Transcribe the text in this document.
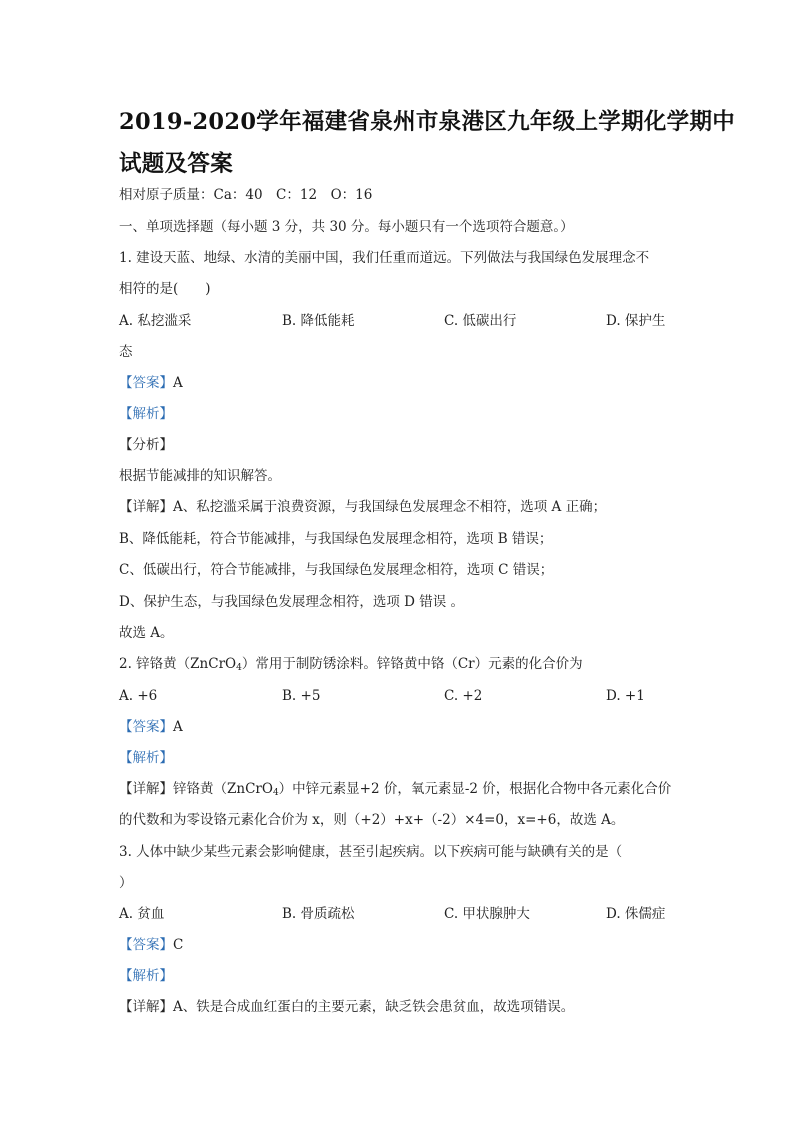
2019-2020学年福建省泉州市泉港区九年级上学期化学期中
试题及答案
相对原子质量：Ca：40　C：12　O：16
一、单项选择题（每小题 3 分，共 30 分。每小题只有一个选项符合题意。）
1. 建设天蓝、地绿、水清的美丽中国，我们任重而道远。下列做法与我国绿色发展理念不
相符的是(　　)
A. 私挖滥采	B. 降低能耗	C. 低碳出行	D. 保护生
态
【答案】A
【解析】
【分析】
根据节能减排的知识解答。
【详解】A、私挖滥采属于浪费资源，与我国绿色发展理念不相符，选项 A 正确；
B、降低能耗，符合节能减排，与我国绿色发展理念相符，选项 B 错误；
C、低碳出行，符合节能减排，与我国绿色发展理念相符，选项 C 错误；
D、保护生态，与我国绿色发展理念相符，选项 D 错误 。
故选 A。
2. 锌铬黄（ZnCrO$_4$）常用于制防锈涂料。锌铬黄中铬（Cr）元素的化合价为
A. +6	B. +5	C. +2	D. +1
【答案】A
【解析】
【详解】锌铬黄（ZnCrO$_4$）中锌元素显+2 价，氧元素显-2 价，根据化合物中各元素化合价
的代数和为零设铬元素化合价为 x，则（+2）+x+（-2）×4=0，x=+6，故选 A。
3. 人体中缺少某些元素会影响健康，甚至引起疾病。以下疾病可能与缺碘有关的是（
）
A. 贫血	B. 骨质疏松	C. 甲状腺肿大	D. 侏儒症
【答案】C
【解析】
【详解】A、铁是合成血红蛋白的主要元素，缺乏铁会患贫血，故选项错误。
